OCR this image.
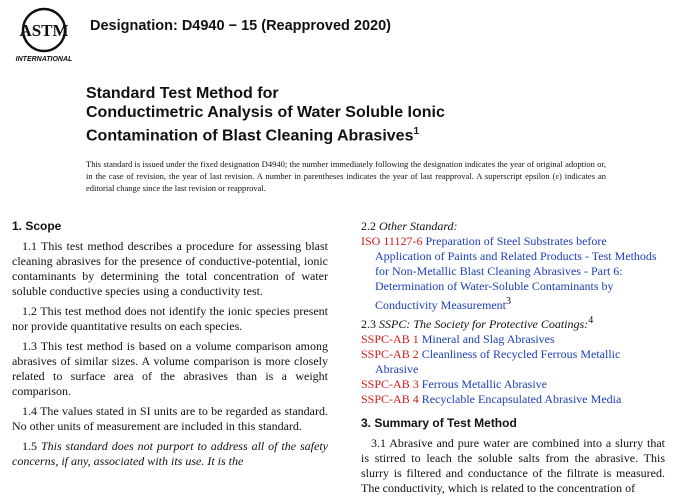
ASTM
INTERNATIONAL
Designation: D4940 − 15 (Reapproved 2020)
Standard Test Method for
Conductimetric Analysis of Water Soluble Ionic
Contamination of Blast Cleaning Abrasives$^1$
This standard is issued under the fixed designation D4940; the number immediately following the designation indicates the year of original adoption or, in the case of revision, the year of last revision. A number in parentheses indicates the year of last reapproval. A superscript epsilon (ε) indicates an editorial change since the last revision or reapproval.
1. Scope

1.1 This test method describes a procedure for assessing blast cleaning abrasives for the presence of conductive-potential, ionic contaminants by determining the total concentration of water soluble conductive species using a conductivity test.

1.2 This test method does not identify the ionic species present nor provide quantitative results on each species.

1.3 This test method is based on a volume comparison among abrasives of similar sizes. A volume comparison is more closely related to surface area of the abrasives than is a weight comparison.

1.4 The values stated in SI units are to be regarded as standard. No other units of measurement are included in this standard.

1.5 This standard does not purport to address all of the safety concerns, if any, associated with its use. It is the

2.2 Other Standard:
ISO 11127-6 Preparation of Steel Substrates before Application of Paints and Related Products - Test Methods for Non-Metallic Blast Cleaning Abrasives - Part 6: Determination of Water-Soluble Contaminants by Conductivity Measurement$^3$
2.3 SSPC: The Society for Protective Coatings:$^4$
SSPC-AB 1 Mineral and Slag Abrasives
SSPC-AB 2 Cleanliness of Recycled Ferrous Metallic Abrasive
SSPC-AB 3 Ferrous Metallic Abrasive
SSPC-AB 4 Recyclable Encapsulated Abrasive Media
3. Summary of Test Method

3.1 Abrasive and pure water are combined into a slurry that is stirred to leach the soluble salts from the abrasive. This slurry is filtered and conductance of the filtrate is measured. The conductivity, which is related to the concentration of
